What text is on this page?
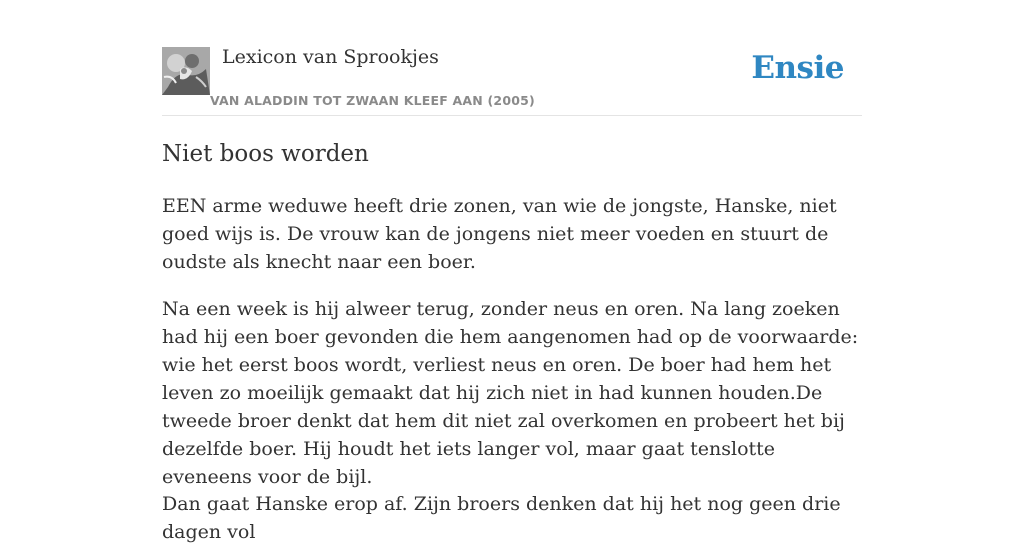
Lexicon van Sprookjes
VAN ALADDIN TOT ZWAAN KLEEF AAN (2005)
Ensie
Niet boos worden

EEN arme weduwe heeft drie zonen, van wie de jongste, Hanske, niet goed wijs is. De vrouw kan de jongens niet meer voeden en stuurt de oudste als knecht naar een boer.

Na een week is hij alweer terug, zonder neus en oren. Na lang zoeken had hij een boer gevonden die hem aangenomen had op de voorwaarde: wie het eerst boos wordt, verliest neus en oren. De boer had hem het leven zo moeilijk gemaakt dat hij zich niet in had kunnen houden.De tweede broer denkt dat hem dit niet zal overkomen en probeert het bij dezelfde boer. Hij houdt het iets langer vol, maar gaat tenslotte eveneens voor de bijl.

Dan gaat Hanske erop af. Zijn broers denken dat hij het nog geen drie dagen vol
